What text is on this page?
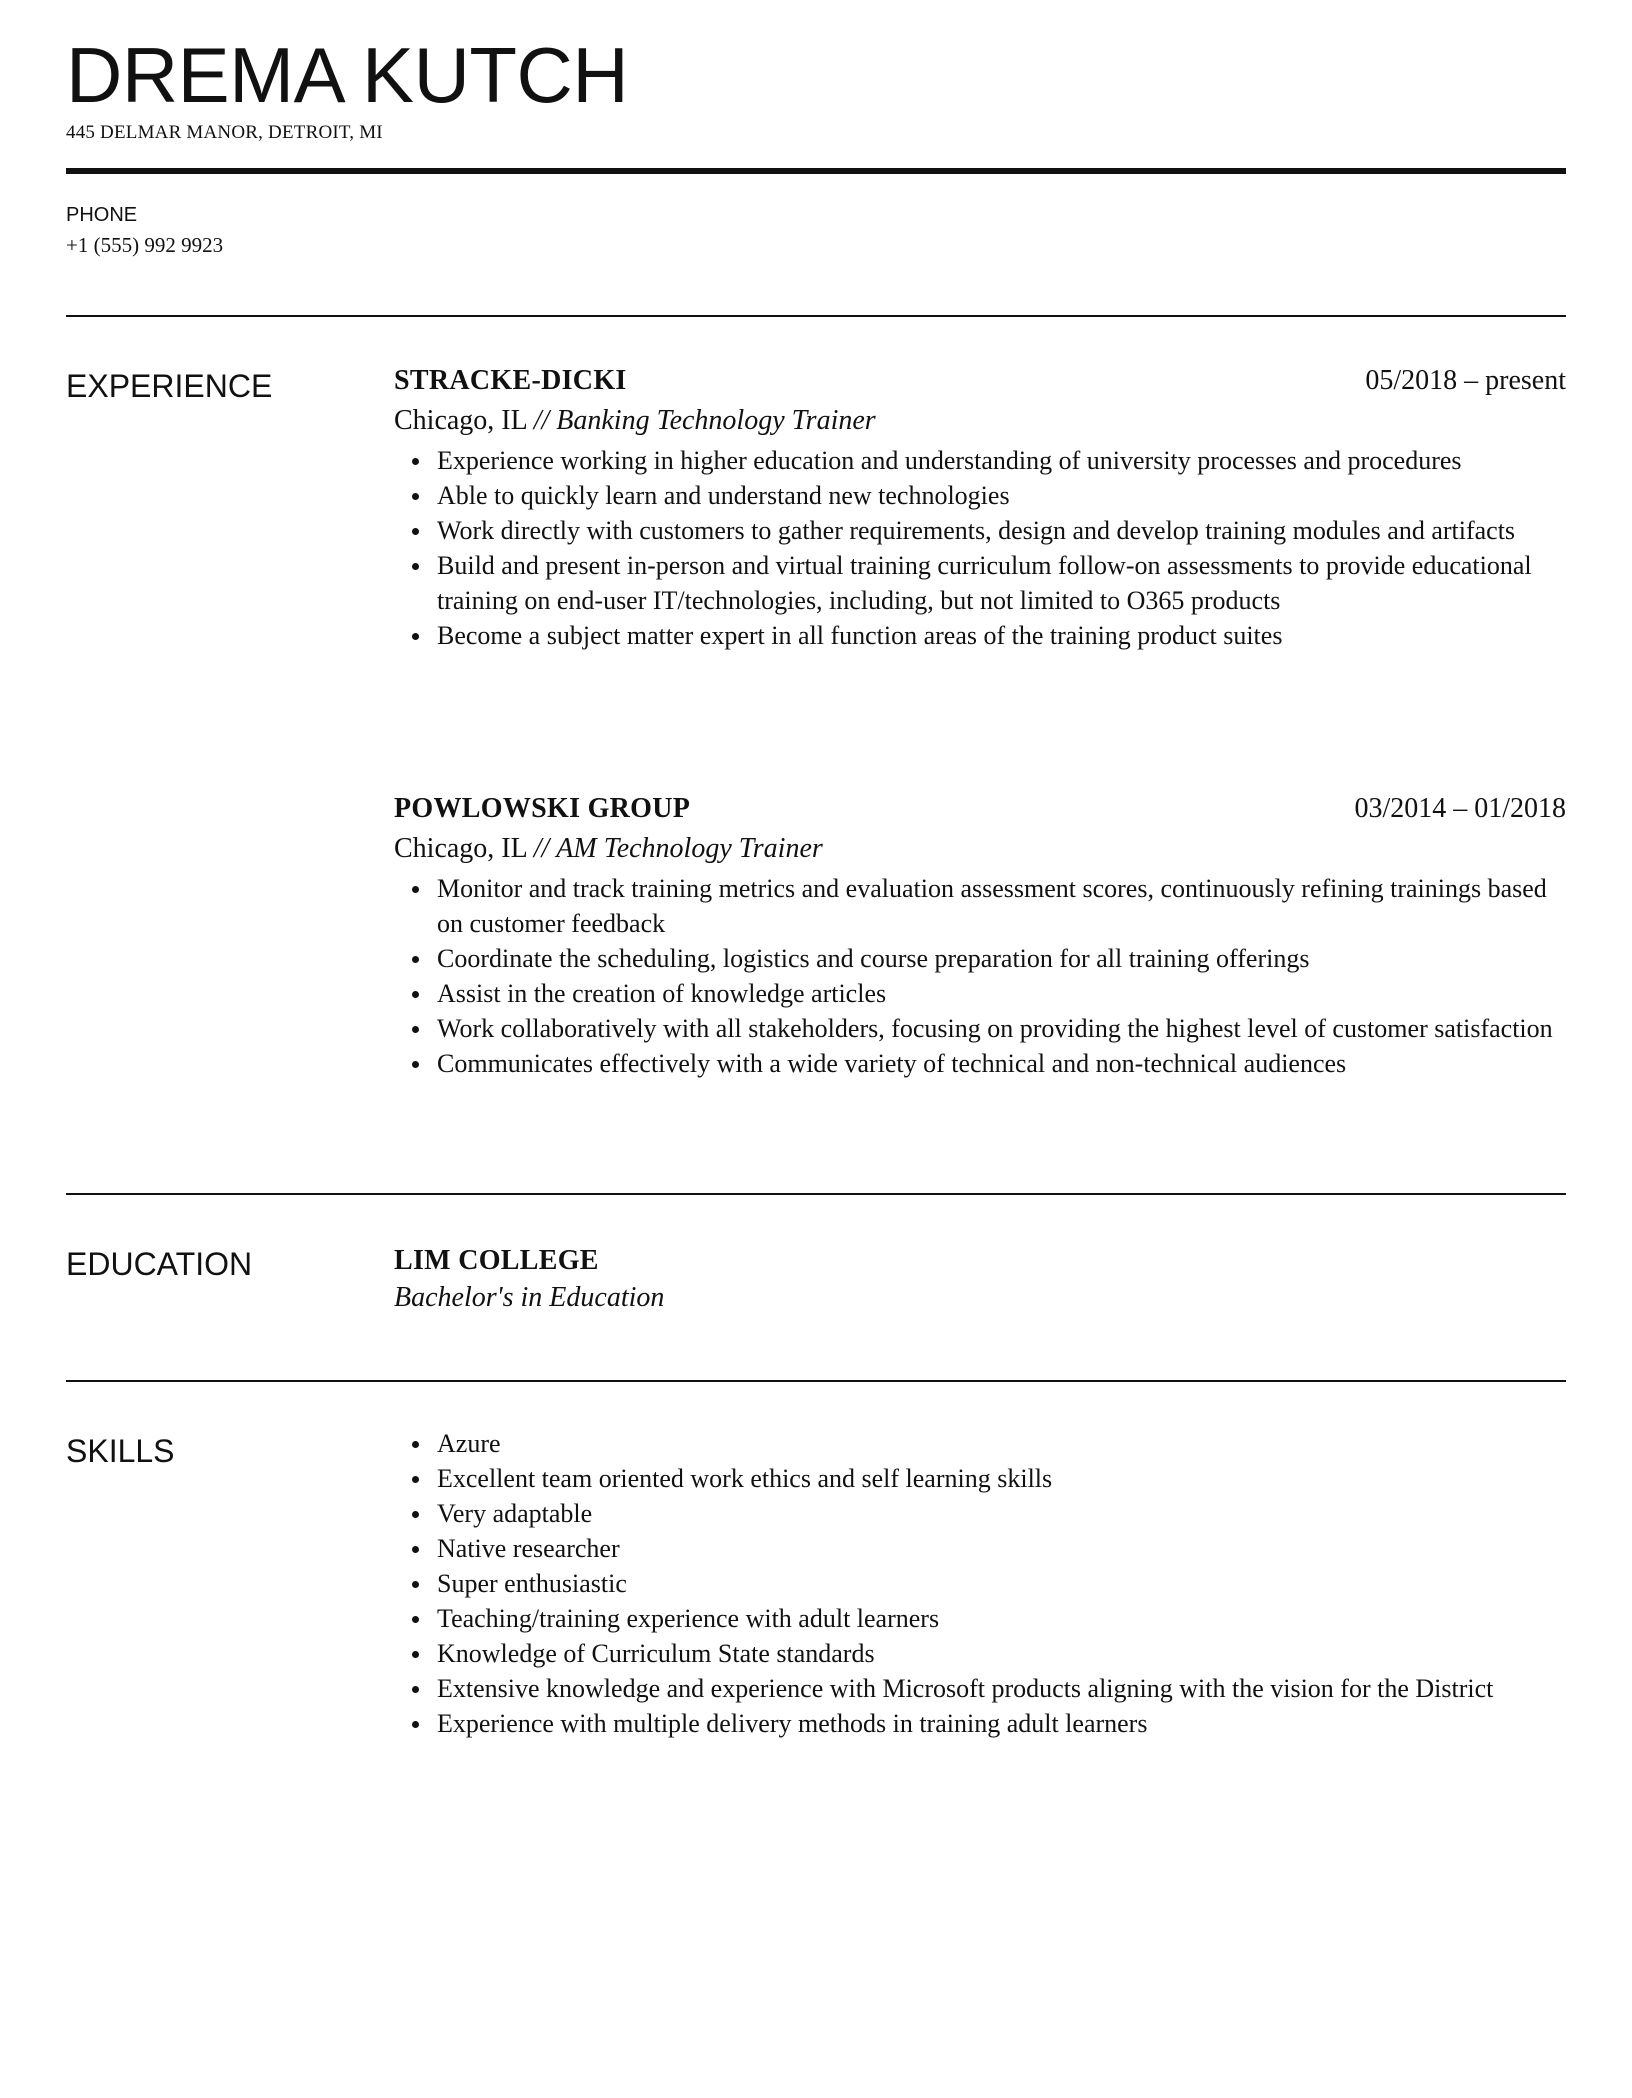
DREMA KUTCH
445 DELMAR MANOR, DETROIT, MI
PHONE
+1 (555) 992 9923
EXPERIENCE	STRACKE-DICKI	05/2018 – present
Chicago, IL // Banking Technology Trainer
Experience working in higher education and understanding of university processes and procedures
Able to quickly learn and understand new technologies
Work directly with customers to gather requirements, design and develop training modules and artifacts
Build and present in-person and virtual training curriculum follow-on assessments to provide educational training on end-user IT/technologies, including, but not limited to O365 products
Become a subject matter expert in all function areas of the training product suites
POWLOWSKI GROUP	03/2014 – 01/2018
Chicago, IL // AM Technology Trainer
Monitor and track training metrics and evaluation assessment scores, continuously refining trainings based on customer feedback
Coordinate the scheduling, logistics and course preparation for all training offerings
Assist in the creation of knowledge articles
Work collaboratively with all stakeholders, focusing on providing the highest level of customer satisfaction
Communicates effectively with a wide variety of technical and non-technical audiences
EDUCATION	LIM COLLEGE
Bachelor's in Education
SKILLS	Azure
Excellent team oriented work ethics and self learning skills
Very adaptable
Native researcher
Super enthusiastic
Teaching/training experience with adult learners
Knowledge of Curriculum State standards
Extensive knowledge and experience with Microsoft products aligning with the vision for the District
Experience with multiple delivery methods in training adult learners
